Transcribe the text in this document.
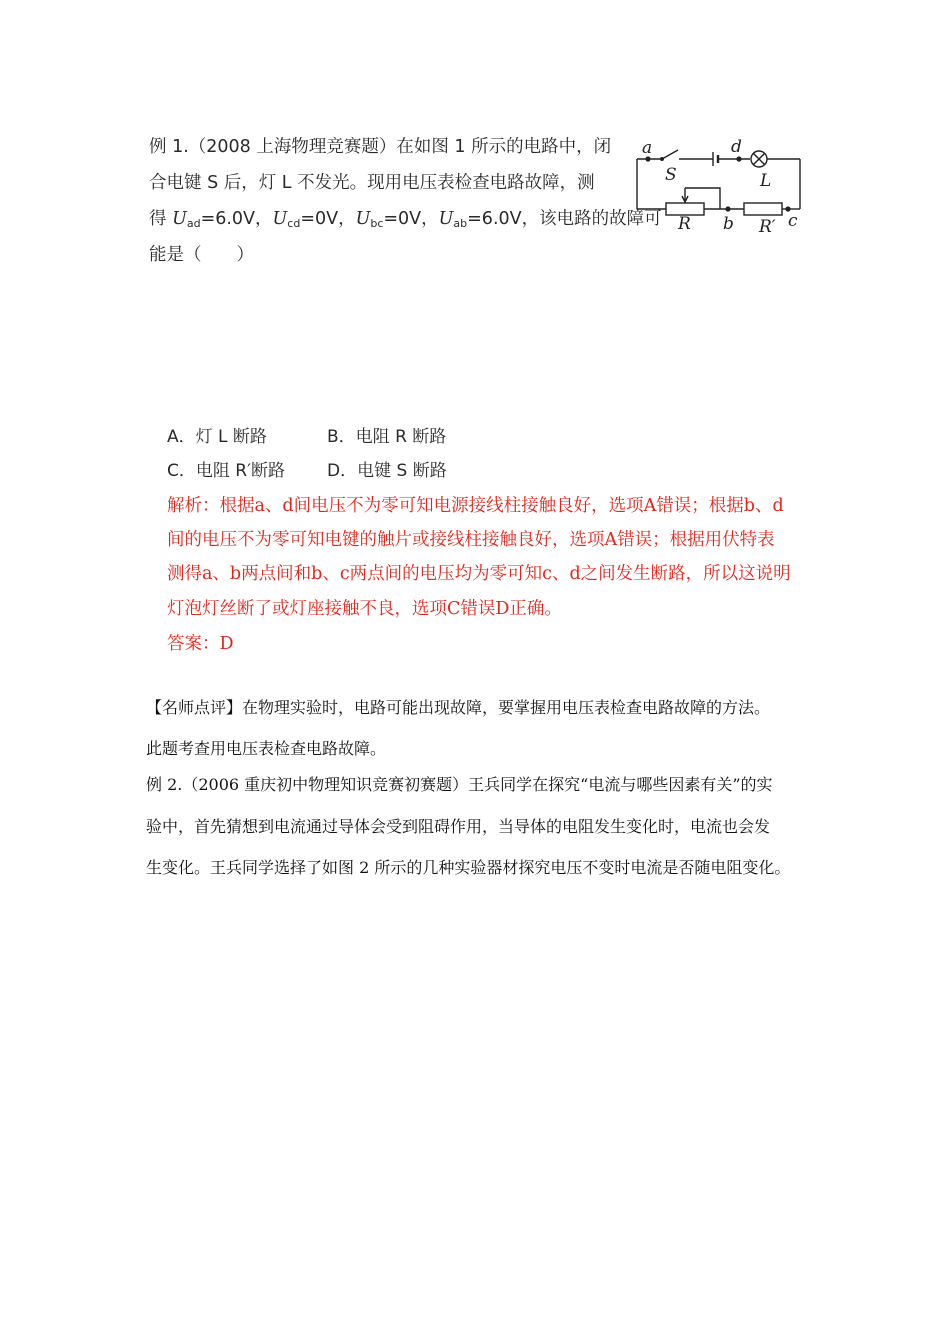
例 1.（2008 上海物理竞赛题）在如图 1 所示的电路中，闭
合电键 S 后，灯 L 不发光。现用电压表检查电路故障，测
得 $U_{ad}=6.0V$，$U_{cd}=0V$，$U_{bc}=0V$，$U_{ab}=6.0V$，该电路的故障可
能是（　　）
a	d
S	L
R b R′ c
A．灯 L 断路	B．电阻 R 断路
C．电阻 R′断路 D．电键 S 断路
解析：根据a、d间电压不为零可知电源接线柱接触良好，选项A错误；根据b、d
间的电压不为零可知电键的触片或接线柱接触良好，选项A错误；根据用伏特表
测得a、b两点间和b、c两点间的电压均为零可知c、d之间发生断路，所以这说明
灯泡灯丝断了或灯座接触不良，选项C错误D正确。
答案：D
【名师点评】在物理实验时，电路可能出现故障，要掌握用电压表检查电路故障的方法。
此题考查用电压表检查电路故障。
例 2.（2006 重庆初中物理知识竞赛初赛题）王兵同学在探究“电流与哪些因素有关”的实
验中，首先猜想到电流通过导体会受到阻碍作用，当导体的电阻发生变化时，电流也会发
生变化。王兵同学选择了如图 2 所示的几种实验器材探究电压不变时电流是否随电阻变化。
